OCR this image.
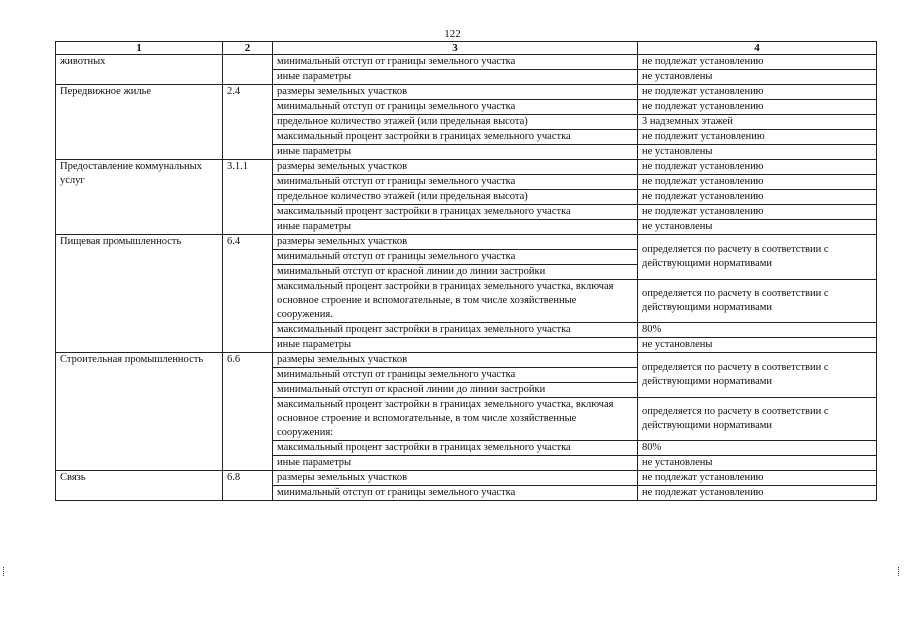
122
1	2	3	4
животных		минимальный отступ от границы земельного участка	не подлежат установлению
		иные параметры	не установлены
Передвижное жилье	2.4	размеры земельных участков	не подлежат установлению
		минимальный отступ от границы земельного участка	не подлежат установлению
		предельное количество этажей (или предельная высота)	3 надземных этажей
		максимальный процент застройки в границах земельного участка	не подлежит установлению
		иные параметры	не установлены
Предоставление коммунальных услуг	3.1.1	размеры земельных участков	не подлежат установлению
		минимальный отступ от границы земельного участка	не подлежат установлению
		предельное количество этажей (или предельная высота)	не подлежат установлению
		максимальный процент застройки в границах земельного участка	не подлежат установлению
		иные параметры	не установлены
Пищевая промышленность	6.4	размеры земельных участков	определяется по расчету в соответствии с действующими нормативами
		минимальный отступ от границы земельного участка	
		минимальный отступ от красной линии до линии застройки	
		максимальный процент застройки в границах земельного участка, включая основное строение и вспомогательные, в том числе хозяйственные сооружения.	определяется по расчету в соответствии с действующими нормативами
		максимальный процент застройки в границах земельного участка	80%
		иные параметры	не установлены
Строительная промышленность	6.6	размеры земельных участков	определяется по расчету в соответствии с действующими нормативами
		минимальный отступ от границы земельного участка	
		минимальный отступ от красной линии до линии застройки	
		максимальный процент застройки в границах земельного участка, включая основное строение и вспомогательные, в том числе хозяйственные сооружения:	определяется по расчету в соответствии с действующими нормативами
		максимальный процент застройки в границах земельного участка	80%
		иные параметры	не установлены
Связь	6.8	размеры земельных участков	не подлежат установлению
		минимальный отступ от границы земельного участка	не подлежат установлению
